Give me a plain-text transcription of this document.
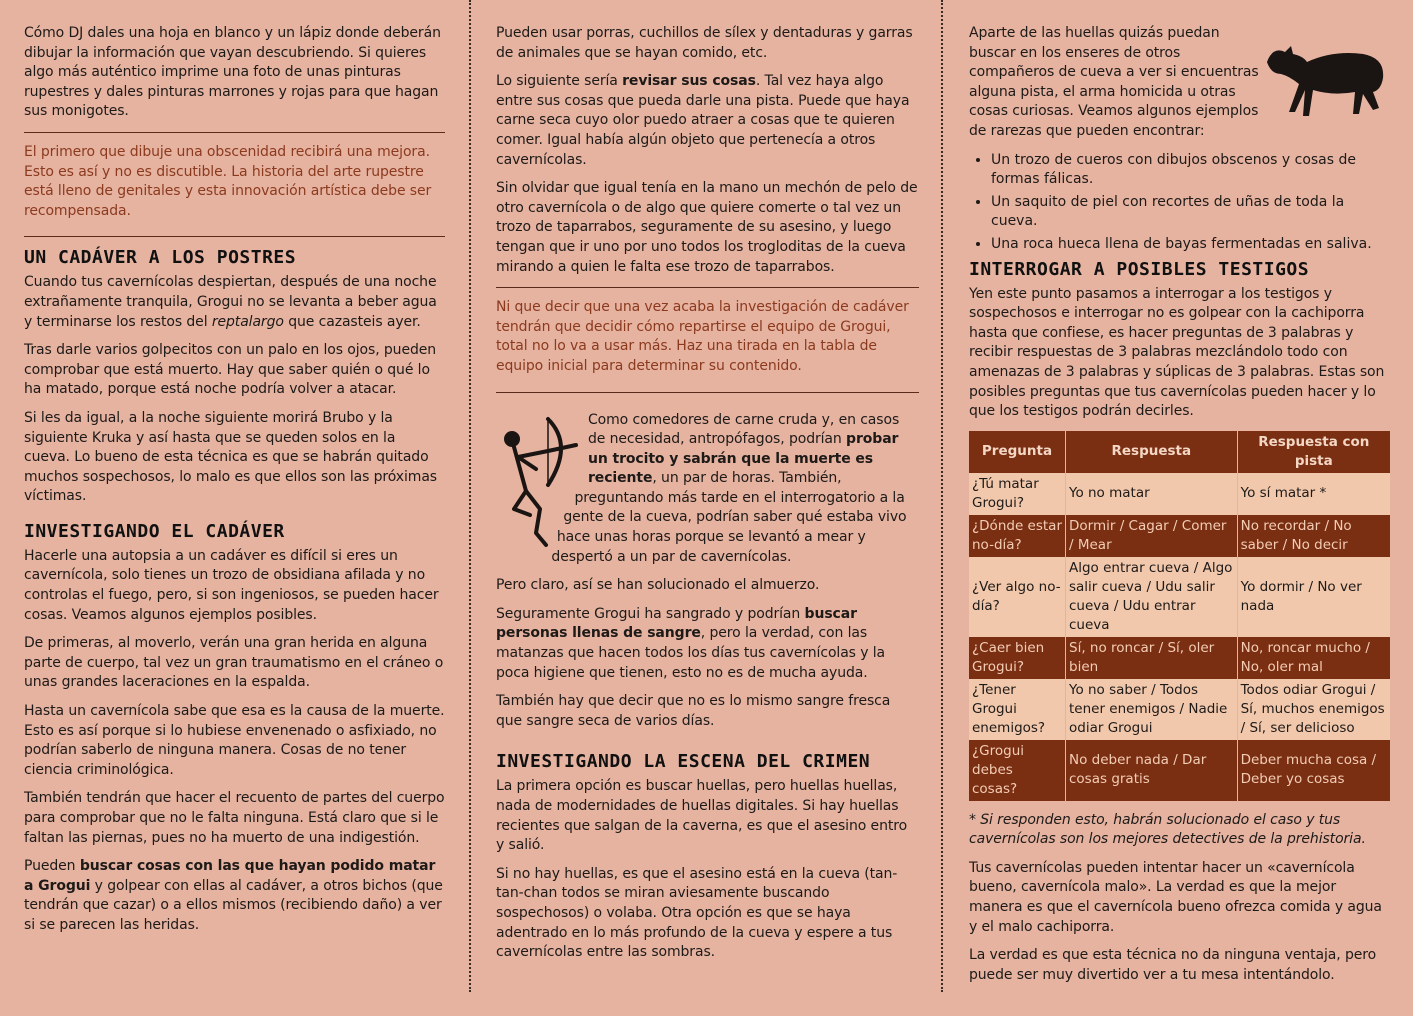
Cómo DJ dales una hoja en blanco y un lápiz donde deberán dibujar la información que vayan descubriendo. Si quieres algo más auténtico imprime una foto de unas pinturas rupestres y dales pinturas marrones y rojas para que hagan sus monigotes.

El primero que dibuje una obscenidad recibirá una mejora. Esto es así y no es discutible. La historia del arte rupestre está lleno de genitales y esta innovación artística debe ser recompensada.

UN CADÁVER A LOS POSTRES

Cuando tus cavernícolas despiertan, después de una noche extrañamente tranquila, Grogui no se levanta a beber agua y terminarse los restos del reptalargo que cazasteis ayer.

Tras darle varios golpecitos con un palo en los ojos, pueden comprobar que está muerto. Hay que saber quién o qué lo ha matado, porque está noche podría volver a atacar.

Si les da igual, a la noche siguiente morirá Brubo y la siguiente Kruka y así hasta que se queden solos en la cueva. Lo bueno de esta técnica es que se habrán quitado muchos sospechosos, lo malo es que ellos son las próximas víctimas.

INVESTIGANDO EL CADÁVER

Hacerle una autopsia a un cadáver es difícil si eres un cavernícola, solo tienes un trozo de obsidiana afilada y no controlas el fuego, pero, si son ingeniosos, se pueden hacer cosas. Veamos algunos ejemplos posibles.

De primeras, al moverlo, verán una gran herida en alguna parte de cuerpo, tal vez un gran traumatismo en el cráneo o unas grandes laceraciones en la espalda.

Hasta un cavernícola sabe que esa es la causa de la muerte. Esto es así porque si lo hubiese envenenado o asfixiado, no podrían saberlo de ninguna manera. Cosas de no tener ciencia criminológica.

También tendrán que hacer el recuento de partes del cuerpo para comprobar que no le falta ninguna. Está claro que si le faltan las piernas, pues no ha muerto de una indigestión.

Pueden buscar cosas con las que hayan podido matar a Grogui y golpear con ellas al cadáver, a otros bichos (que tendrán que cazar) o a ellos mismos (recibiendo daño) a ver si se parecen las heridas.

Pueden usar porras, cuchillos de sílex y dentaduras y garras de animales que se hayan comido, etc.

Lo siguiente sería revisar sus cosas. Tal vez haya algo entre sus cosas que pueda darle una pista. Puede que haya carne seca cuyo olor puedo atraer a cosas que te quieren comer. Igual había algún objeto que pertenecía a otros cavernícolas.

Sin olvidar que igual tenía en la mano un mechón de pelo de otro cavernícola o de algo que quiere comerte o tal vez un trozo de taparrabos, seguramente de su asesino, y luego tengan que ir uno por uno todos los trogloditas de la cueva mirando a quien le falta ese trozo de taparrabos.

Ni que decir que una vez acaba la investigación de cadáver tendrán que decidir cómo repartirse el equipo de Grogui, total no lo va a usar más. Haz una tirada en la tabla de equipo inicial para determinar su contenido.

Como comedores de carne cruda y, en casos de necesidad, antropófagos, podrían probar un trocito y sabrán que la muerte es reciente, un par de horas. También, preguntando más tarde en el interrogatorio a la gente de la cueva, podrían saber qué estaba vivo hace unas horas porque se levantó a mear y despertó a un par de cavernícolas.

Pero claro, así se han solucionado el almuerzo.

Seguramente Grogui ha sangrado y podrían buscar personas llenas de sangre, pero la verdad, con las matanzas que hacen todos los días tus cavernícolas y la poca higiene que tienen, esto no es de mucha ayuda.

También hay que decir que no es lo mismo sangre fresca que sangre seca de varios días.

INVESTIGANDO LA ESCENA DEL CRIMEN

La primera opción es buscar huellas, pero huellas huellas, nada de modernidades de huellas digitales. Si hay huellas recientes que salgan de la caverna, es que el asesino entro y salió.

Si no hay huellas, es que el asesino está en la cueva (tan-tan-chan todos se miran aviesamente buscando sospechosos) o volaba. Otra opción es que se haya adentrado en lo más profundo de la cueva y espere a tus cavernícolas entre las sombras.

Aparte de las huellas quizás puedan buscar en los enseres de otros compañeros de cueva a ver si encuentras alguna pista, el arma homicida u otras cosas curiosas. Veamos algunos ejemplos de rarezas que pueden encontrar:

• Un trozo de cueros con dibujos obscenos y cosas de formas fálicas.
• Un saquito de piel con recortes de uñas de toda la cueva.
• Una roca hueca llena de bayas fermentadas en saliva.
INTERROGAR A POSIBLES TESTIGOS

Yen este punto pasamos a interrogar a los testigos y sospechosos e interrogar no es golpear con la cachiporra hasta que confiese, es hacer preguntas de 3 palabras y recibir respuestas de 3 palabras mezclándolo todo con amenazas de 3 palabras y súplicas de 3 palabras. Estas son posibles preguntas que tus cavernícolas pueden hacer y lo que los testigos podrán decirles.

Pregunta	Respuesta	Respuesta con pista
¿Tú matar Grogui?	Yo no matar	Yo sí matar *
¿Dónde estar no-día?	Dormir / Cagar / Comer / Mear	No recordar / No saber / No decir
¿Ver algo no-día?	Algo entrar cueva / Algo salir cueva / Udu salir cueva / Udu entrar cueva	Yo dormir / No ver nada
¿Caer bien Grogui?	Sí, no roncar / Sí, oler bien	No, roncar mucho / No, oler mal
¿Tener Grogui enemigos?	Yo no saber / Todos tener enemigos / Nadie odiar Grogui	Todos odiar Grogui / Sí, muchos enemigos / Sí, ser delicioso
¿Grogui debes cosas?	No deber nada / Dar cosas gratis	Deber mucha cosa / Deber yo cosas

* Si responden esto, habrán solucionado el caso y tus cavernícolas son los mejores detectives de la prehistoria.

Tus cavernícolas pueden intentar hacer un «cavernícola bueno, cavernícola malo». La verdad es que la mejor manera es que el cavernícola bueno ofrezca comida y agua y el malo cachiporra.

La verdad es que esta técnica no da ninguna ventaja, pero puede ser muy divertido ver a tu mesa intentándolo.
